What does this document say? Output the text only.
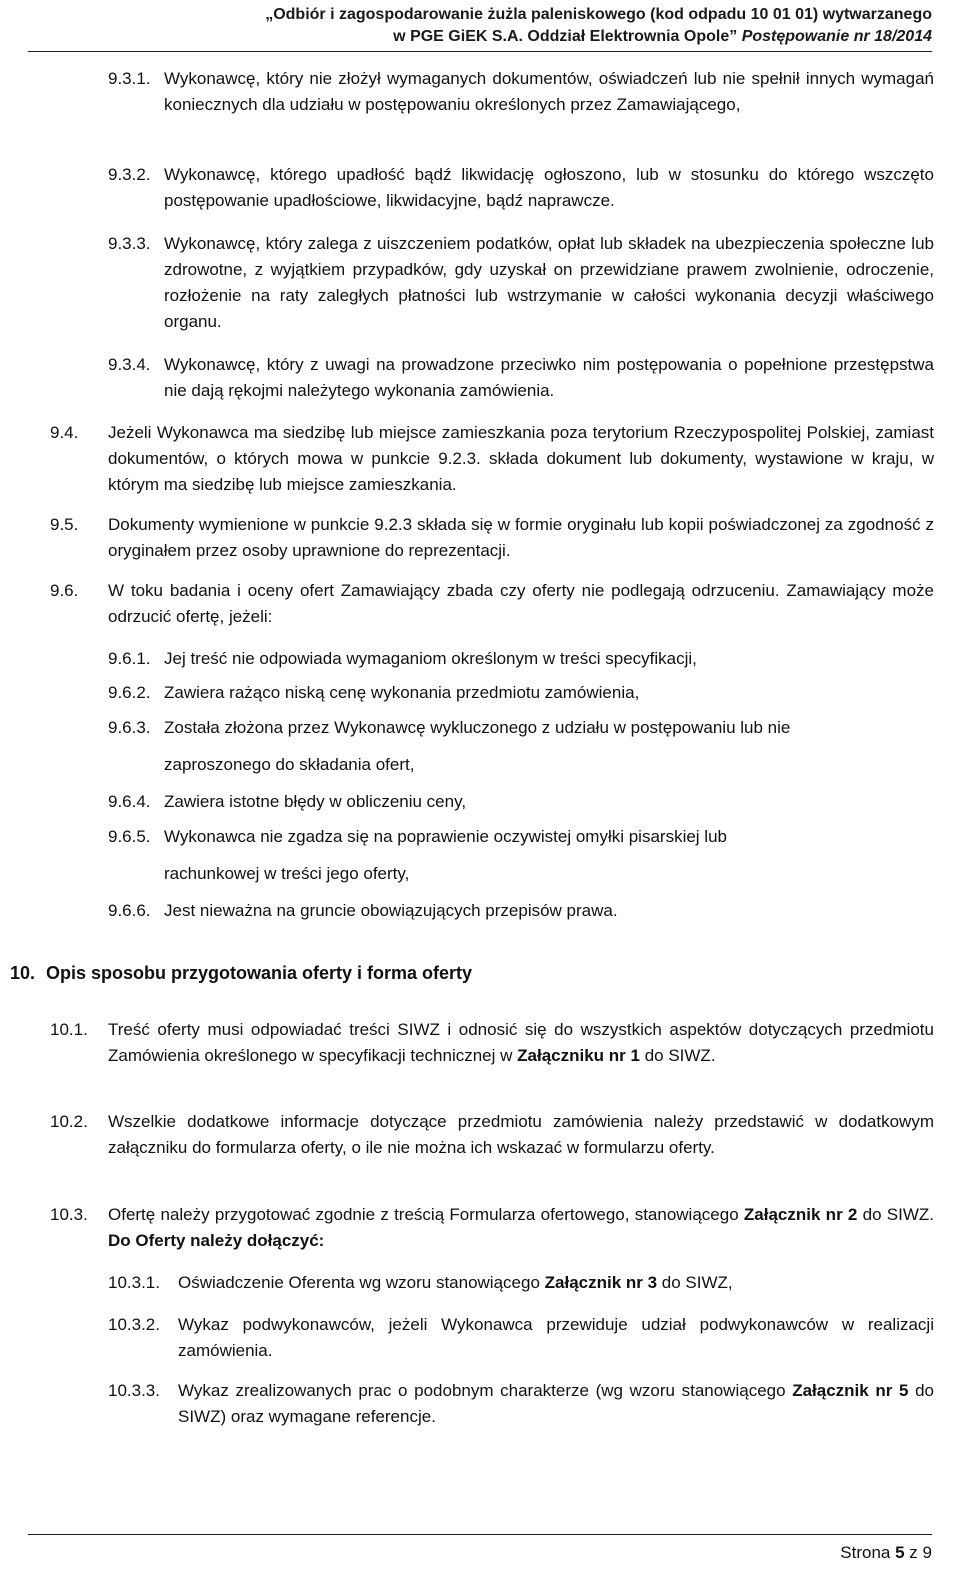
„Odbiór i zagospodarowanie żużla paleniskowego (kod odpadu 10 01 01) wytwarzanego
w PGE GiEK S.A. Oddział Elektrownia Opole” Postępowanie nr 18/2014
9.3.1. Wykonawcę, który nie złożył wymaganych dokumentów, oświadczeń lub nie spełnił innych wymagań koniecznych dla udziału w postępowaniu określonych przez Zamawiającego,
9.3.2. Wykonawcę, którego upadłość bądź likwidację ogłoszono, lub w stosunku do którego wszczęto postępowanie upadłościowe, likwidacyjne, bądź naprawcze.
9.3.3. Wykonawcę, który zalega z uiszczeniem podatków, opłat lub składek na ubezpieczenia społeczne lub zdrowotne, z wyjątkiem przypadków, gdy uzyskał on przewidziane prawem zwolnienie, odroczenie, rozłożenie na raty zaległych płatności lub wstrzymanie w całości wykonania decyzji właściwego organu.
9.3.4. Wykonawcę, który z uwagi na prowadzone przeciwko nim postępowania o popełnione przestępstwa nie dają rękojmi należytego wykonania zamówienia.
9.4. Jeżeli Wykonawca ma siedzibę lub miejsce zamieszkania poza terytorium Rzeczypospolitej Polskiej, zamiast dokumentów, o których mowa w punkcie 9.2.3. składa dokument lub dokumenty, wystawione w kraju, w którym ma siedzibę lub miejsce zamieszkania.
9.5. Dokumenty wymienione w punkcie 9.2.3 składa się w formie oryginału lub kopii poświadczonej za zgodność z oryginałem przez osoby uprawnione do reprezentacji.
9.6. W toku badania i oceny ofert Zamawiający zbada czy oferty nie podlegają odrzuceniu. Zamawiający może odrzucić ofertę, jeżeli:
9.6.1. Jej treść nie odpowiada wymaganiom określonym w treści specyfikacji,
9.6.2. Zawiera rażąco niską cenę wykonania przedmiotu zamówienia,
9.6.3. Została złożona przez Wykonawcę wykluczonego z udziału w postępowaniu lub nie
zaproszonego do składania ofert,
9.6.4. Zawiera istotne błędy w obliczeniu ceny,
9.6.5. Wykonawca nie zgadza się na poprawienie oczywistej omyłki pisarskiej lub
rachunkowej w treści jego oferty,
9.6.6. Jest nieważna na gruncie obowiązujących przepisów prawa.
10. Opis sposobu przygotowania oferty i forma oferty
10.1. Treść oferty musi odpowiadać treści SIWZ i odnosić się do wszystkich aspektów dotyczących przedmiotu Zamówienia określonego w specyfikacji technicznej w Załączniku nr 1 do SIWZ.
10.2. Wszelkie dodatkowe informacje dotyczące przedmiotu zamówienia należy przedstawić w dodatkowym załączniku do formularza oferty, o ile nie można ich wskazać w formularzu oferty.
10.3. Ofertę należy przygotować zgodnie z treścią Formularza ofertowego, stanowiącego Załącznik nr 2 do SIWZ. Do Oferty należy dołączyć:
10.3.1. Oświadczenie Oferenta wg wzoru stanowiącego Załącznik nr 3 do SIWZ,
10.3.2. Wykaz podwykonawców, jeżeli Wykonawca przewiduje udział podwykonawców w realizacji zamówienia.
10.3.3. Wykaz zrealizowanych prac o podobnym charakterze (wg wzoru stanowiącego Załącznik nr 5 do SIWZ) oraz wymagane referencje.
Strona 5 z 9
